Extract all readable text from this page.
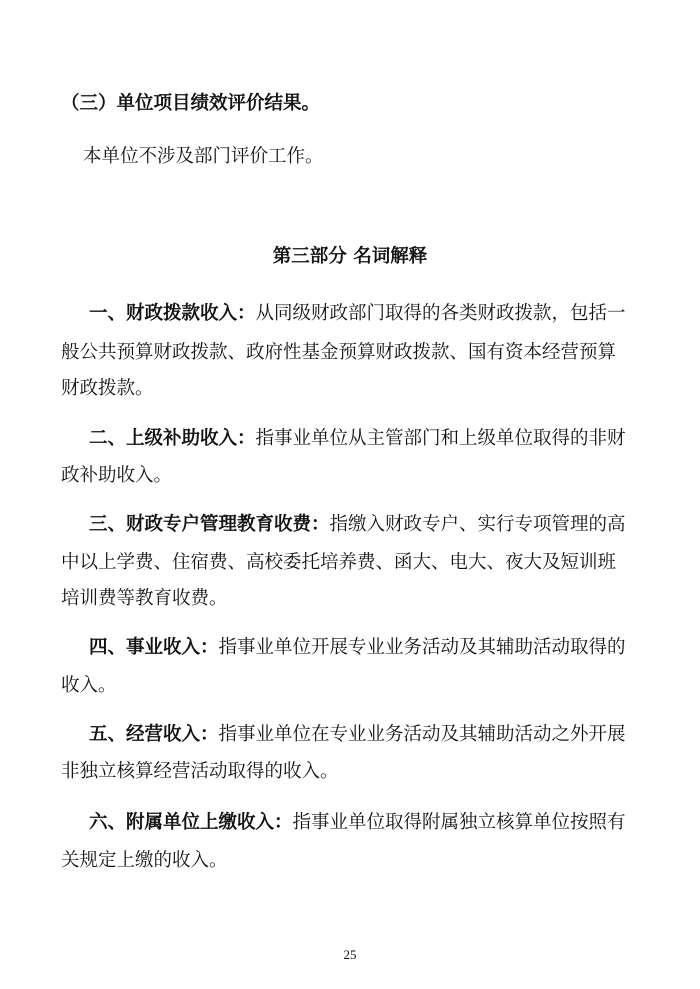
（三）单位项目绩效评价结果。
本单位不涉及部门评价工作。
第三部分 名词解释
一、财政拨款收入：从同级财政部门取得的各类财政拨款，包括一
般公共预算财政拨款、政府性基金预算财政拨款、国有资本经营预算
财政拨款。
二、上级补助收入：指事业单位从主管部门和上级单位取得的非财
政补助收入。
三、财政专户管理教育收费：指缴入财政专户、实行专项管理的高
中以上学费、住宿费、高校委托培养费、函大、电大、夜大及短训班
培训费等教育收费。
四、事业收入：指事业单位开展专业业务活动及其辅助活动取得的
收入。
五、经营收入：指事业单位在专业业务活动及其辅助活动之外开展
非独立核算经营活动取得的收入。
六、附属单位上缴收入：指事业单位取得附属独立核算单位按照有
关规定上缴的收入。
25
